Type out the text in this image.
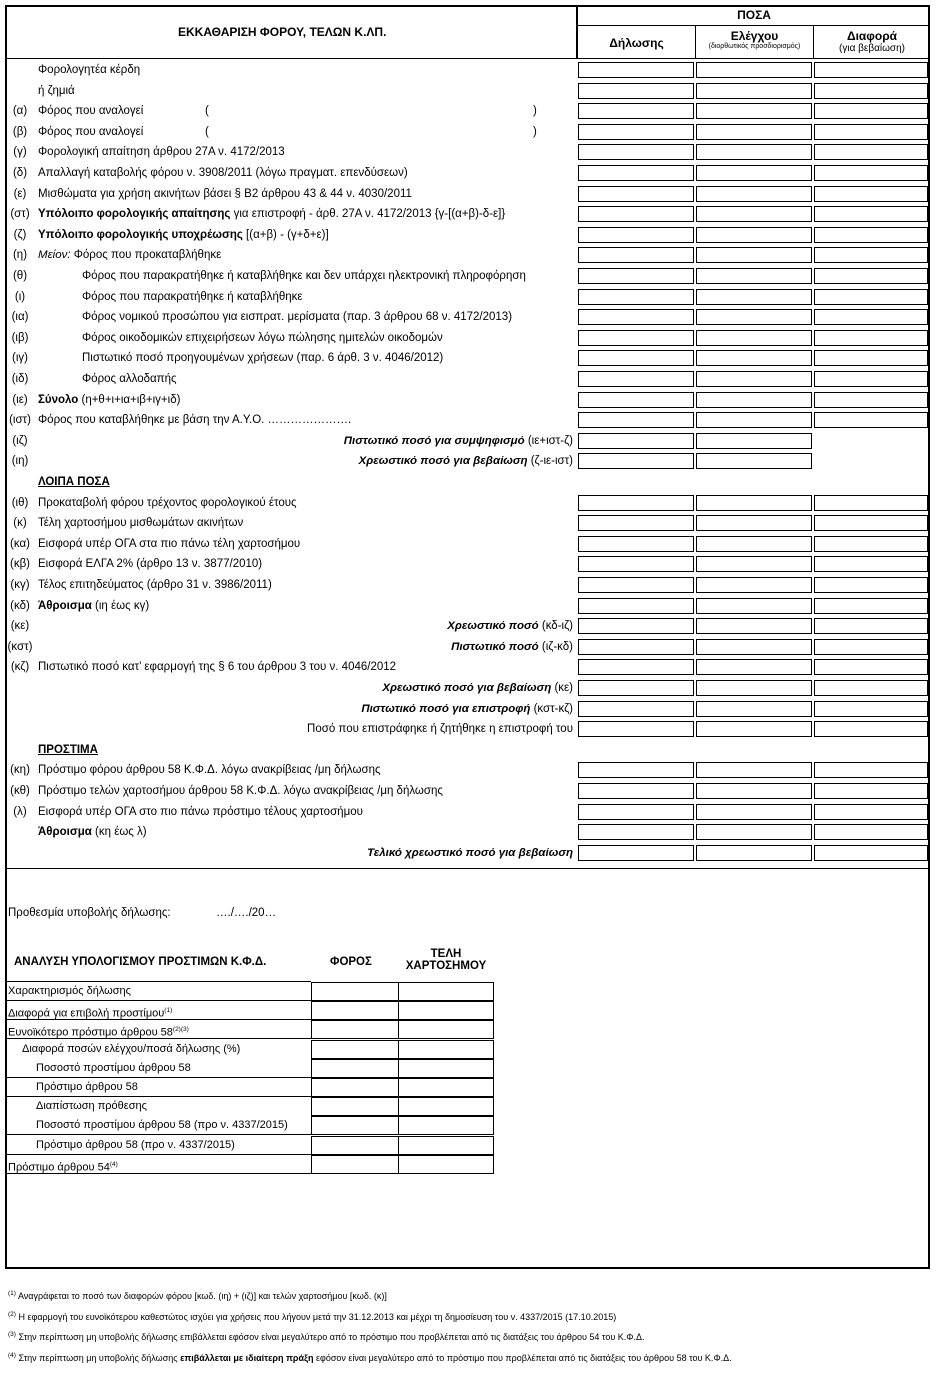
ΕΚΚΑΘΑΡΙΣΗ ΦΟΡΟΥ, ΤΕΛΩΝ Κ.ΛΠ.
ΠΟΣΑ
Δήλωσης	Ελέγχου
(διορθωτικός προσδιορισμός)
Διαφορά
(για βεβαίωση)
Φορολογητέα κέρδη
ή ζημιά
(α) Φόρος που αναλογεί	(	)
(β) Φόρος που αναλογεί	(	)
(γ) Φορολογική απαίτηση άρθρου 27Α ν. 4172/2013
(δ) Απαλλαγή καταβολής φόρου ν. 3908/2011 (λόγω πραγματ. επενδύσεων)
(ε)	Μισθώματα για χρήση ακινήτων βάσει § Β2 άρθρου 43 & 44 ν. 4030/2011
(στ) Υπόλοιπο φορολογικής απαίτησης για επιστροφή - άρθ. 27Α ν. 4172/2013 {γ-[(α+β)-δ-ε]}
(ζ)	Υπόλοιπο φορολογικής υποχρέωσης [(α+β) - (γ+δ+ε)]
(η) Μείον: Φόρος που προκαταβλήθηκε
(θ)	Φόρος που παρακρατήθηκε ή καταβλήθηκε και δεν υπάρχει ηλεκτρονική πληροφόρηση
(ι)	Φόρος που παρακρατήθηκε ή καταβλήθηκε
(ια)	Φόρος νομικού προσώπου για εισπρατ. μερίσματα (παρ. 3 άρθρου 68 ν. 4172/2013)
(ιβ)	Φόρος οικοδομικών επιχειρήσεων λόγω πώλησης ημιτελών οικοδομών
(ιγ)	Πιστωτικό ποσό προηγουμένων χρήσεων (παρ. 6 άρθ. 3 ν. 4046/2012)
(ιδ)	Φόρος αλλοδαπής
(ιε) Σύνολο (η+θ+ι+ια+ιβ+ιγ+ιδ)
(ιστ) Φόρος που καταβλήθηκε με βάση την Α.Υ.Ο. ………………….
(ιζ)	Πιστωτικό ποσό για συμψηφισμό (ιε+ιστ-ζ)
(ιη)	Χρεωστικό ποσό για βεβαίωση (ζ-ιε-ιστ)
ΛΟΙΠΑ ΠΟΣΑ
(ιθ) Προκαταβολή φόρου τρέχοντος φορολογικού έτους
(κ) Τέλη χαρτοσήμου μισθωμάτων ακινήτων
(κα) Εισφορά υπέρ ΟΓΑ στα πιο πάνω τέλη χαρτοσήμου
(κβ) Εισφορά ΕΛΓΑ 2% (άρθρο 13 ν. 3877/2010)
(κγ) Τέλος επιτηδεύματος (άρθρο 31 ν. 3986/2011)
(κδ) Άθροισμα (ιη έως κγ)
(κε)	Χρεωστικό ποσό (κδ-ιζ)
(κστ)	Πιστωτικό ποσό (ιζ-κδ)
(κζ) Πιστωτικό ποσό κατ’ εφαρμογή της § 6 του άρθρου 3 του ν. 4046/2012
Χρεωστικό ποσό για βεβαίωση (κε)
Πιστωτικό ποσό για επιστροφή (κστ-κζ)
Ποσό που επιστράφηκε ή ζητήθηκε η επιστροφή του
ΠΡΟΣΤΙΜΑ
(κη) Πρόστιμο φόρου άρθρου 58 Κ.Φ.Δ. λόγω ανακρίβειας /μη δήλωσης
(κθ) Πρόστιμο τελών χαρτοσήμου άρθρου 58 Κ.Φ.Δ. λόγω ανακρίβειας /μη δήλωσης
(λ) Εισφορά υπέρ ΟΓΑ στο πιο πάνω πρόστιμο τέλους χαρτοσήμου
Άθροισμα (κη έως λ)
Τελικό χρεωστικό ποσό για βεβαίωση
Προθεσμία υποβολής δήλωσης:	…./…./20…
ΑΝΑΛΥΣΗ ΥΠΟΛΟΓΙΣΜΟΥ ΠΡΟΣΤΙΜΩΝ Κ.Φ.Δ.	ΦΟΡΟΣ
ΤΕΛΗ
ΧΑΡΤΟΣΗΜΟΥ
Χαρακτηρισμός δήλωσης
Διαφορά για επιβολή προστίμου$^{(1)}$
Ευνοϊκότερο πρόστιμο άρθρου $58^{(2)(3)}$
Διαφορά ποσών ελέγχου/ποσά δήλωσης (%)
Ποσοστό προστίμου άρθρου 58
Πρόστιμο άρθρου 58
Διαπίστωση πρόθεσης
Ποσοστό προστίμου άρθρου 58 (προ ν. 4337/2015)
Πρόστιμο άρθρου 58 (προ ν. 4337/2015)
Πρόστιμο άρθρου 54$^{(4)}$
$^{(1)}$ Αναγράφεται το ποσό των διαφορών φόρου [κωδ. (ιη) + (ιζ)] και τελών χαρτοσήμου [κωδ. (κ)]
$^{(2)}$ Η εφαρμογή του ευνοϊκότερου καθεστώτος ισχύει για χρήσεις που λήγουν μετά την 31.12.2013 και μέχρι τη δημοσίευση του ν. 4337/2015 (17.10.2015)
$^{(3)}$ Στην περίπτωση μη υποβολής δήλωσης επιβάλλεται εφόσον είναι μεγαλύτερο από το πρόστιμο που προβλέπεται από τις διατάξεις του άρθρου 54 του Κ.Φ.Δ.
$^{(4)}$ Στην περίπτωση μη υποβολής δήλωσης επιβάλλεται με ιδιαίτερη πράξη εφόσον είναι μεγαλύτερο από το πρόστιμο που προβλέπεται από τις διατάξεις του άρθρου 58 του Κ.Φ.Δ.
